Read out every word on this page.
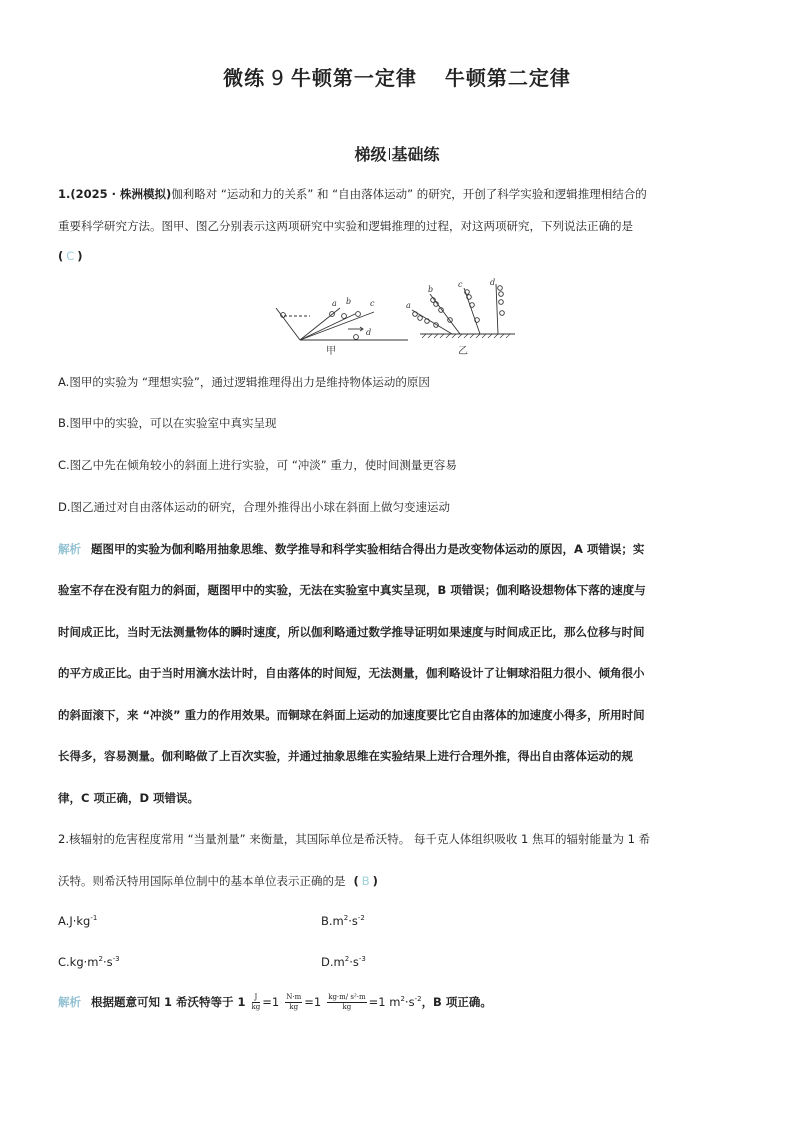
微练 9 牛顿第一定律 牛顿第二定律
梯级 基础练
1.(2025 · 株洲模拟)伽利略对 “运动和力的关系” 和 “自由落体运动” 的研究，开创了科学实验和逻辑推理相结合的
重要科学研究方法。图甲、图乙分别表示这两项研究中实验和逻辑推理的过程，对这两项研究，下列说法正确的是
( C )
a b c
d
甲
a
b
c	d
乙
A.图甲的实验为 “理想实验”，通过逻辑推理得出力是维持物体运动的原因
B.图甲中的实验，可以在实验室中真实呈现
C.图乙中先在倾角较小的斜面上进行实验，可 “冲淡” 重力，使时间测量更容易
D.图乙通过对自由落体运动的研究，合理外推得出小球在斜面上做匀变速运动
解析 题图甲的实验为伽利略用抽象思维、数学推导和科学实验相结合得出力是改变物体运动的原因，A 项错误；实
验室不存在没有阻力的斜面，题图甲中的实验，无法在实验室中真实呈现，B 项错误；伽利略设想物体下落的速度与
时间成正比，当时无法测量物体的瞬时速度，所以伽利略通过数学推导证明如果速度与时间成正比，那么位移与时间
的平方成正比。由于当时用滴水法计时，自由落体的时间短，无法测量，伽利略设计了让铜球沿阻力很小、倾角很小
的斜面滚下，来 “冲淡” 重力的作用效果。而铜球在斜面上运动的加速度要比它自由落体的加速度小得多，所用时间
长得多，容易测量。伽利略做了上百次实验，并通过抽象思维在实验结果上进行合理外推，得出自由落体运动的规
律，C 项正确，D 项错误。
2.核辐射的危害程度常用 “当量剂量” 来衡量，其国际单位是希沃特。 每千克人体组织吸收 1 焦耳的辐射能量为 1 希
沃特。则希沃特用国际单位制中的基本单位表示正确的是 ( B )
$A.J\cdot kg^{-1}$	$B.m^2\cdot s^{-2}$
$C.kg\cdot m^2\cdot s^{-3}$	$D.m^2\cdot s^{-3}$
解析 根据题意可知 1 希沃特等于 $1 \frac{J}{kg} =1 \frac{N\cdot m}{kg} =1 \frac{\text{kg·m/ s²·m}}{kg} =1$ $m^2\cdot s^{-2}$，B 项正确。
